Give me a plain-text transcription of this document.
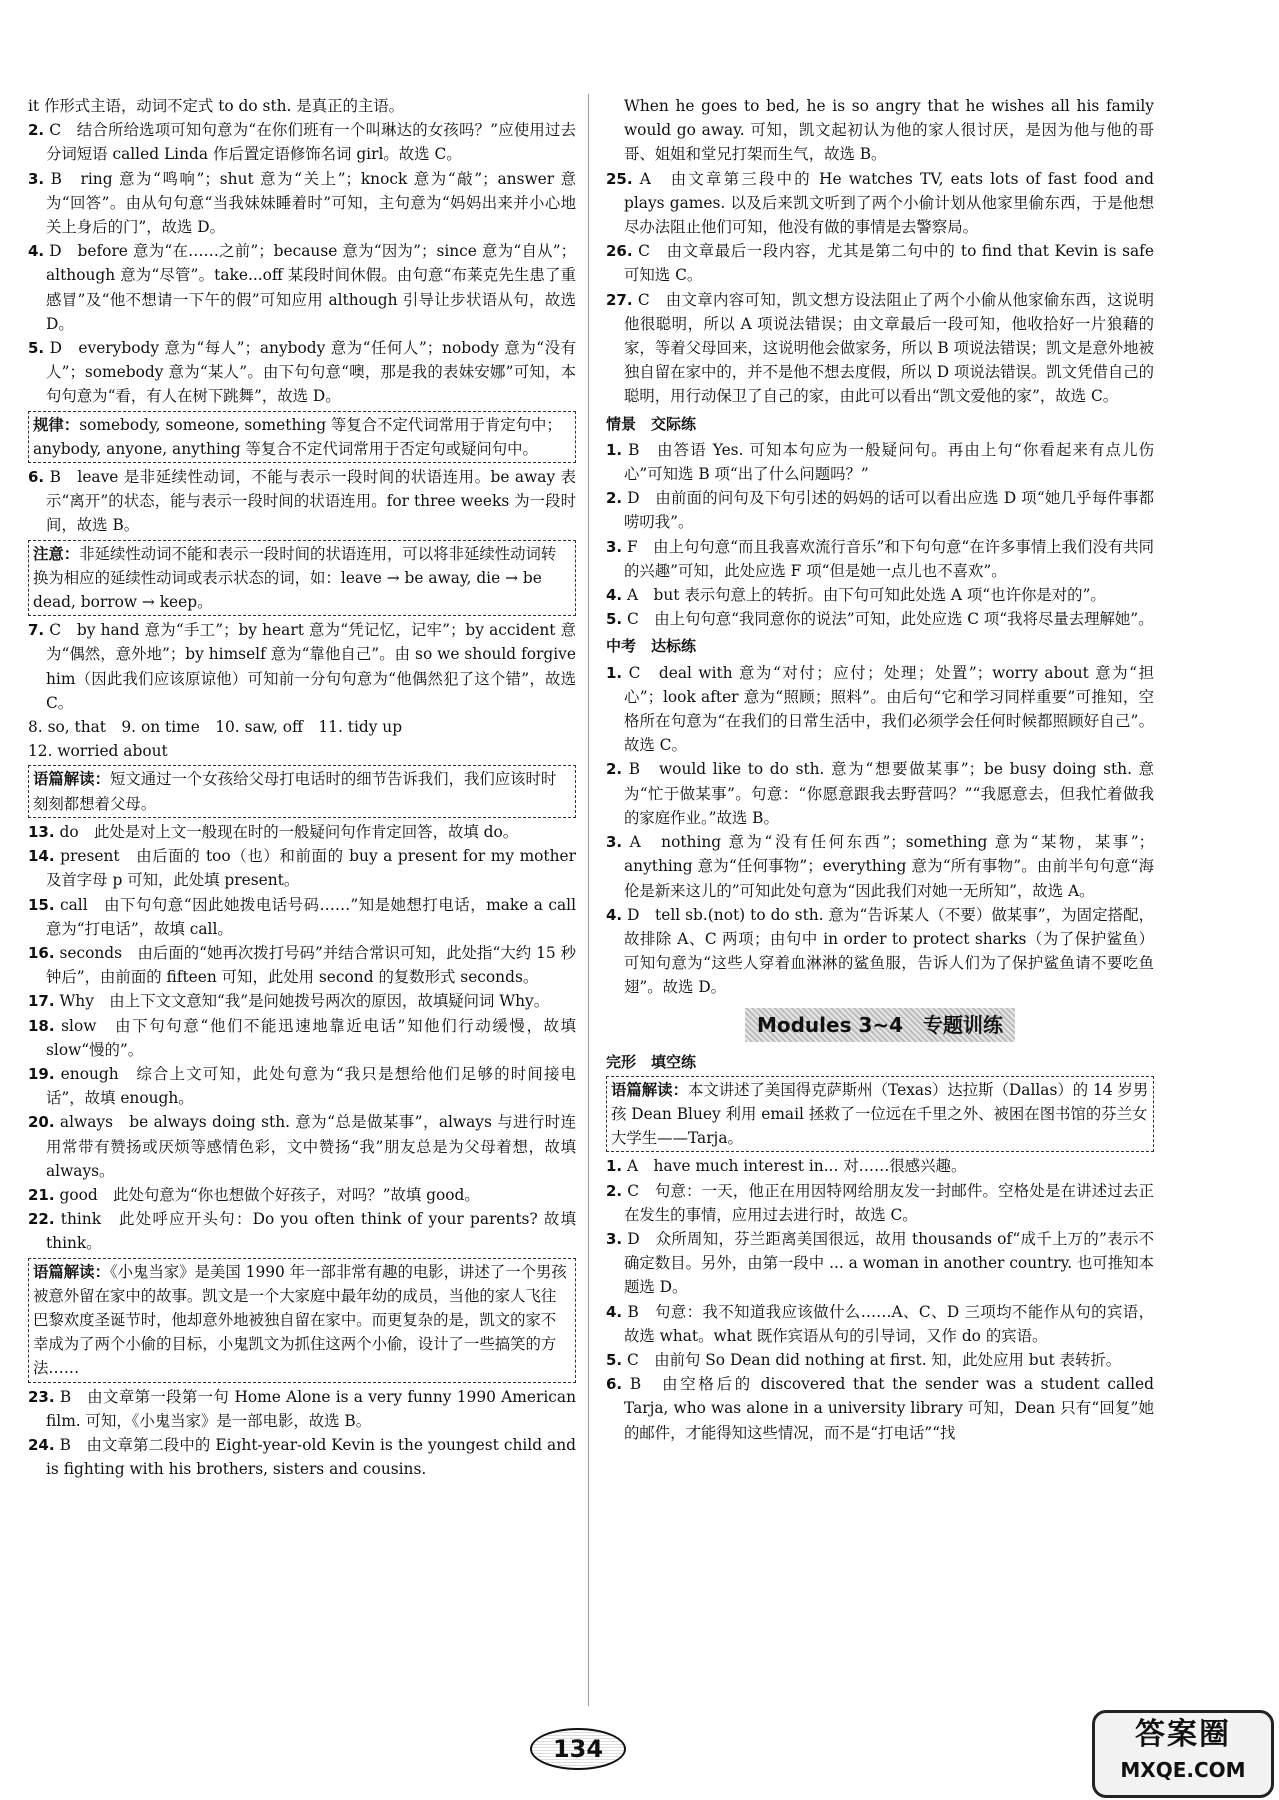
it 作形式主语，动词不定式 to do sth. 是真正的主语。

2. C　结合所给选项可知句意为“在你们班有一个叫琳达的女孩吗？”应使用过去分词短语 called Linda 作后置定语修饰名词 girl。故选 C。

3. B　ring 意为“鸣响”；shut 意为“关上”；knock 意为“敲”；answer 意为“回答”。由从句句意“当我妹妹睡着时”可知，主句意为“妈妈出来并小心地关上身后的门”，故选 D。

4. D　before 意为“在……之前”；because 意为“因为”；since 意为“自从”；although 意为“尽管”。take...off 某段时间休假。由句意“布莱克先生患了重感冒”及“他不想请一下午的假”可知应用 although 引导让步状语从句，故选 D。

5. D　everybody 意为“每人”；anybody 意为“任何人”；nobody 意为“没有人”；somebody 意为“某人”。由下句句意“噢，那是我的表妹安娜”可知，本句句意为“看，有人在树下跳舞”，故选 D。

规律：somebody, someone, something 等复合不定代词常用于肯定句中；anybody, anyone, anything 等复合不定代词常用于否定句或疑问句中。

6. B　leave 是非延续性动词，不能与表示一段时间的状语连用。be away 表示“离开”的状态，能与表示一段时间的状语连用。for three weeks 为一段时间，故选 B。

注意：非延续性动词不能和表示一段时间的状语连用，可以将非延续性动词转换为相应的延续性动词或表示状态的词，如：leave → be away, die → be dead, borrow → keep。

7. C　by hand 意为“手工”；by heart 意为“凭记忆，记牢”；by accident 意为“偶然，意外地”；by himself 意为“靠他自己”。由 so we should forgive him（因此我们应该原谅他）可知前一分句句意为“他偶然犯了这个错”，故选 C。

8. so, that　9. on time　10. saw, off　11. tidy up

12. worried about

语篇解读：短文通过一个女孩给父母打电话时的细节告诉我们，我们应该时时刻刻都想着父母。

13. do　此处是对上文一般现在时的一般疑问句作肯定回答，故填 do。

14. present　由后面的 too（也）和前面的 buy a present for my mother 及首字母 p 可知，此处填 present。

15. call　由下句句意“因此她拨电话号码……”知是她想打电话，make a call 意为“打电话”，故填 call。

16. seconds　由后面的“她再次拨打号码”并结合常识可知，此处指“大约 15 秒钟后”，由前面的 fifteen 可知，此处用 second 的复数形式 seconds。

17. Why　由上下文文意知“我”是问她拨号两次的原因，故填疑问词 Why。

18. slow　由下句句意“他们不能迅速地靠近电话”知他们行动缓慢，故填 slow“慢的”。

19. enough　综合上文可知，此处句意为“我只是想给他们足够的时间接电话”，故填 enough。

20. always　be always doing sth. 意为“总是做某事”，always 与进行时连用常带有赞扬或厌烦等感情色彩，文中赞扬“我”朋友总是为父母着想，故填 always。

21. good　此处句意为“你也想做个好孩子，对吗？”故填 good。

22. think　此处呼应开头句：Do you often think of your parents? 故填 think。

语篇解读：《小鬼当家》是美国 1990 年一部非常有趣的电影，讲述了一个男孩被意外留在家中的故事。凯文是一个大家庭中最年幼的成员，当他的家人飞往巴黎欢度圣诞节时，他却意外地被独自留在家中。而更复杂的是，凯文的家不幸成为了两个小偷的目标，小鬼凯文为抓住这两个小偷，设计了一些搞笑的方法……

23. B　由文章第一段第一句 Home Alone is a very funny 1990 American film. 可知，《小鬼当家》是一部电影，故选 B。

24. B　由文章第二段中的 Eight-year-old Kevin is the youngest child and is fighting with his brothers, sisters and cousins.

When he goes to bed, he is so angry that he wishes all his family would go away. 可知，凯文起初认为他的家人很讨厌，是因为他与他的哥哥、姐姐和堂兄打架而生气，故选 B。

25. A　由文章第三段中的 He watches TV, eats lots of fast food and plays games. 以及后来凯文听到了两个小偷计划从他家里偷东西，于是他想尽办法阻止他们可知，他没有做的事情是去警察局。

26. C　由文章最后一段内容，尤其是第二句中的 to find that Kevin is safe 可知选 C。

27. C　由文章内容可知，凯文想方设法阻止了两个小偷从他家偷东西，这说明他很聪明，所以 A 项说法错误；由文章最后一段可知，他收拾好一片狼藉的家，等着父母回来，这说明他会做家务，所以 B 项说法错误；凯文是意外地被独自留在家中的，并不是他不想去度假，所以 D 项说法错误。凯文凭借自己的聪明，用行动保卫了自己的家，由此可以看出“凯文爱他的家”，故选 C。

情景　交际练

1. B　由答语 Yes. 可知本句应为一般疑问句。再由上句“你看起来有点儿伤心”可知选 B 项“出了什么问题吗？”

2. D　由前面的问句及下句引述的妈妈的话可以看出应选 D 项“她几乎每件事都唠叨我”。

3. F　由上句句意“而且我喜欢流行音乐”和下句句意“在许多事情上我们没有共同的兴趣”可知，此处应选 F 项“但是她一点儿也不喜欢”。

4. A　but 表示句意上的转折。由下句可知此处选 A 项“也许你是对的”。

5. C　由上句句意“我同意你的说法”可知，此处应选 C 项“我将尽量去理解她”。

中考　达标练

1. C　deal with 意为“对付；应付；处理；处置”；worry about 意为“担心”；look after 意为“照顾；照料”。由后句“它和学习同样重要”可推知，空格所在句意为“在我们的日常生活中，我们必须学会任何时候都照顾好自己”。故选 C。

2. B　would like to do sth. 意为“想要做某事”；be busy doing sth. 意为“忙于做某事”。句意：“你愿意跟我去野营吗？”“我愿意去，但我忙着做我的家庭作业。”故选 B。

3. A　nothing 意为“没有任何东西”；something 意为“某物，某事”；anything 意为“任何事物”；everything 意为“所有事物”。由前半句句意“海伦是新来这儿的”可知此处句意为“因此我们对她一无所知”，故选 A。

4. D　tell sb.(not) to do sth. 意为“告诉某人（不要）做某事”，为固定搭配，故排除 A、C 两项；由句中 in order to protect sharks（为了保护鲨鱼）可知句意为“这些人穿着血淋淋的鲨鱼服，告诉人们为了保护鲨鱼请不要吃鱼翅”。故选 D。

Modules 3~4　专题训练
完形　填空练
语篇解读：本文讲述了美国得克萨斯州（Texas）达拉斯（Dallas）的 14 岁男孩 Dean Bluey 利用 email 拯救了一位远在千里之外、被困在图书馆的芬兰女大学生——Tarja。

1. A　have much interest in... 对……很感兴趣。

2. C　句意：一天，他正在用因特网给朋友发一封邮件。空格处是在讲述过去正在发生的事情，应用过去进行时，故选 C。

3. D　众所周知，芬兰距离美国很远，故用 thousands of“成千上万的”表示不确定数目。另外，由第一段中 ... a woman in another country. 也可推知本题选 D。

4. B　句意：我不知道我应该做什么……A、C、D 三项均不能作从句的宾语，故选 what。what 既作宾语从句的引导词，又作 do 的宾语。

5. C　由前句 So Dean did nothing at first. 知，此处应用 but 表转折。

6. B　由空格后的 discovered that the sender was a student called Tarja, who was alone in a university library 可知，Dean 只有“回复”她的邮件，才能得知这些情况，而不是“打电话”“找

134	答案圈
MXQE.COM
